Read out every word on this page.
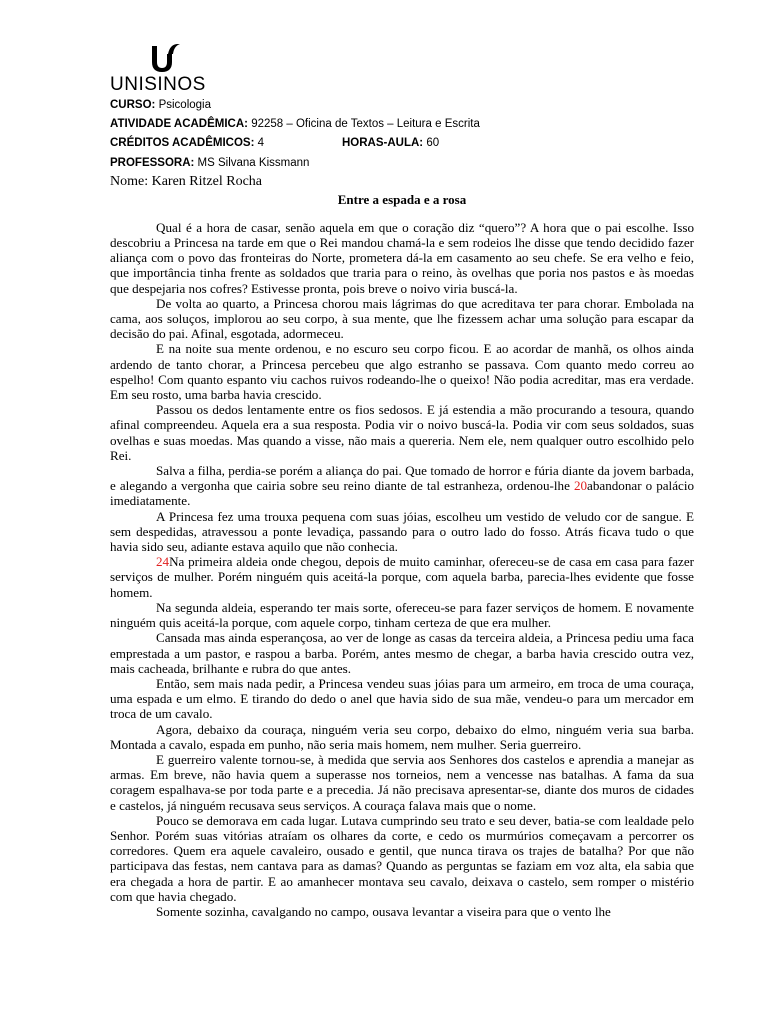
UNISINOS
CURSO: Psicologia
ATIVIDADE ACADÊMICA: 92258 – Oficina de Textos – Leitura e Escrita
CRÉDITOS ACADÊMICOS: 4	HORAS-AULA: 60
PROFESSORA: MS Silvana Kissmann
Nome: Karen Ritzel Rocha
Entre a espada e a rosa

Qual é a hora de casar, senão aquela em que o coração diz “quero”? A hora que o pai escolhe. Isso descobriu a Princesa na tarde em que o Rei mandou chamá-la e sem rodeios lhe disse que tendo decidido fazer aliança com o povo das fronteiras do Norte, prometera dá-la em casamento ao seu chefe. Se era velho e feio, que importância tinha frente as soldados que traria para o reino, às ovelhas que poria nos pastos e às moedas que despejaria nos cofres? Estivesse pronta, pois breve o noivo viria buscá-la.

De volta ao quarto, a Princesa chorou mais lágrimas do que acreditava ter para chorar. Embolada na cama, aos soluços, implorou ao seu corpo, à sua mente, que lhe fizessem achar uma solução para escapar da decisão do pai. Afinal, esgotada, adormeceu.

E na noite sua mente ordenou, e no escuro seu corpo ficou. E ao acordar de manhã, os olhos ainda ardendo de tanto chorar, a Princesa percebeu que algo estranho se passava. Com quanto medo correu ao espelho! Com quanto espanto viu cachos ruivos rodeando-lhe o queixo! Não podia acreditar, mas era verdade. Em seu rosto, uma barba havia crescido.

Passou os dedos lentamente entre os fios sedosos. E já estendia a mão procurando a tesoura, quando afinal compreendeu. Aquela era a sua resposta. Podia vir o noivo buscá-la. Podia vir com seus soldados, suas ovelhas e suas moedas. Mas quando a visse, não mais a quereria. Nem ele, nem qualquer outro escolhido pelo Rei.

Salva a filha, perdia-se porém a aliança do pai. Que tomado de horror e fúria diante da jovem barbada, e alegando a vergonha que cairia sobre seu reino diante de tal estranheza, ordenou-lhe 20abandonar o palácio imediatamente.

A Princesa fez uma trouxa pequena com suas jóias, escolheu um vestido de veludo cor de sangue. E sem despedidas, atravessou a ponte levadiça, passando para o outro lado do fosso. Atrás ficava tudo o que havia sido seu, adiante estava aquilo que não conhecia.

24Na primeira aldeia onde chegou, depois de muito caminhar, ofereceu-se de casa em casa para fazer serviços de mulher. Porém ninguém quis aceitá-la porque, com aquela barba, parecia-lhes evidente que fosse homem.

Na segunda aldeia, esperando ter mais sorte, ofereceu-se para fazer serviços de homem. E novamente ninguém quis aceitá-la porque, com aquele corpo, tinham certeza de que era mulher.

Cansada mas ainda esperançosa, ao ver de longe as casas da terceira aldeia, a Princesa pediu uma faca emprestada a um pastor, e raspou a barba. Porém, antes mesmo de chegar, a barba havia crescido outra vez, mais cacheada, brilhante e rubra do que antes.

Então, sem mais nada pedir, a Princesa vendeu suas jóias para um armeiro, em troca de uma couraça, uma espada e um elmo. E tirando do dedo o anel que havia sido de sua mãe, vendeu-o para um mercador em troca de um cavalo.

Agora, debaixo da couraça, ninguém veria seu corpo, debaixo do elmo, ninguém veria sua barba. Montada a cavalo, espada em punho, não seria mais homem, nem mulher. Seria guerreiro.

E guerreiro valente tornou-se, à medida que servia aos Senhores dos castelos e aprendia a manejar as armas. Em breve, não havia quem a superasse nos torneios, nem a vencesse nas batalhas. A fama da sua coragem espalhava-se por toda parte e a precedia. Já não precisava apresentar-se, diante dos muros de cidades e castelos, já ninguém recusava seus serviços. A couraça falava mais que o nome.

Pouco se demorava em cada lugar. Lutava cumprindo seu trato e seu dever, batia-se com lealdade pelo Senhor. Porém suas vitórias atraíam os olhares da corte, e cedo os murmúrios começavam a percorrer os corredores. Quem era aquele cavaleiro, ousado e gentil, que nunca tirava os trajes de batalha? Por que não participava das festas, nem cantava para as damas? Quando as perguntas se faziam em voz alta, ela sabia que era chegada a hora de partir. E ao amanhecer montava seu cavalo, deixava o castelo, sem romper o mistério com que havia chegado.

Somente sozinha, cavalgando no campo, ousava levantar a viseira para que o vento lhe
